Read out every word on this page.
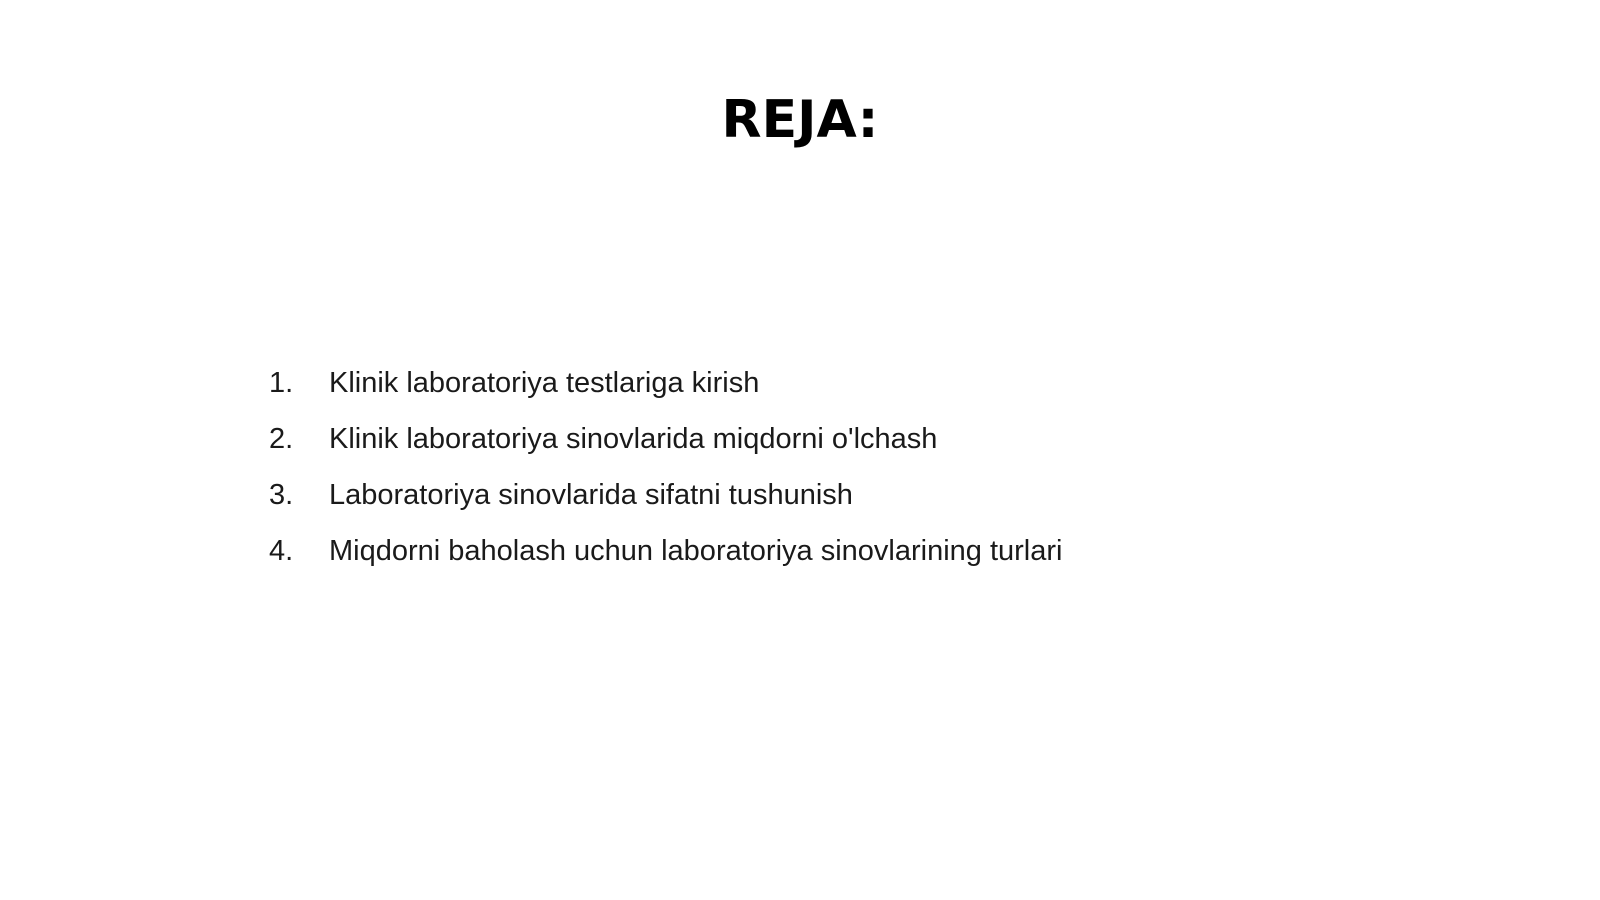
REJA:
1. Klinik laboratoriya testlariga kirish
2. Klinik laboratoriya sinovlarida miqdorni o'lchash
3. Laboratoriya sinovlarida sifatni tushunish
4. Miqdorni baholash uchun laboratoriya sinovlarining turlari
